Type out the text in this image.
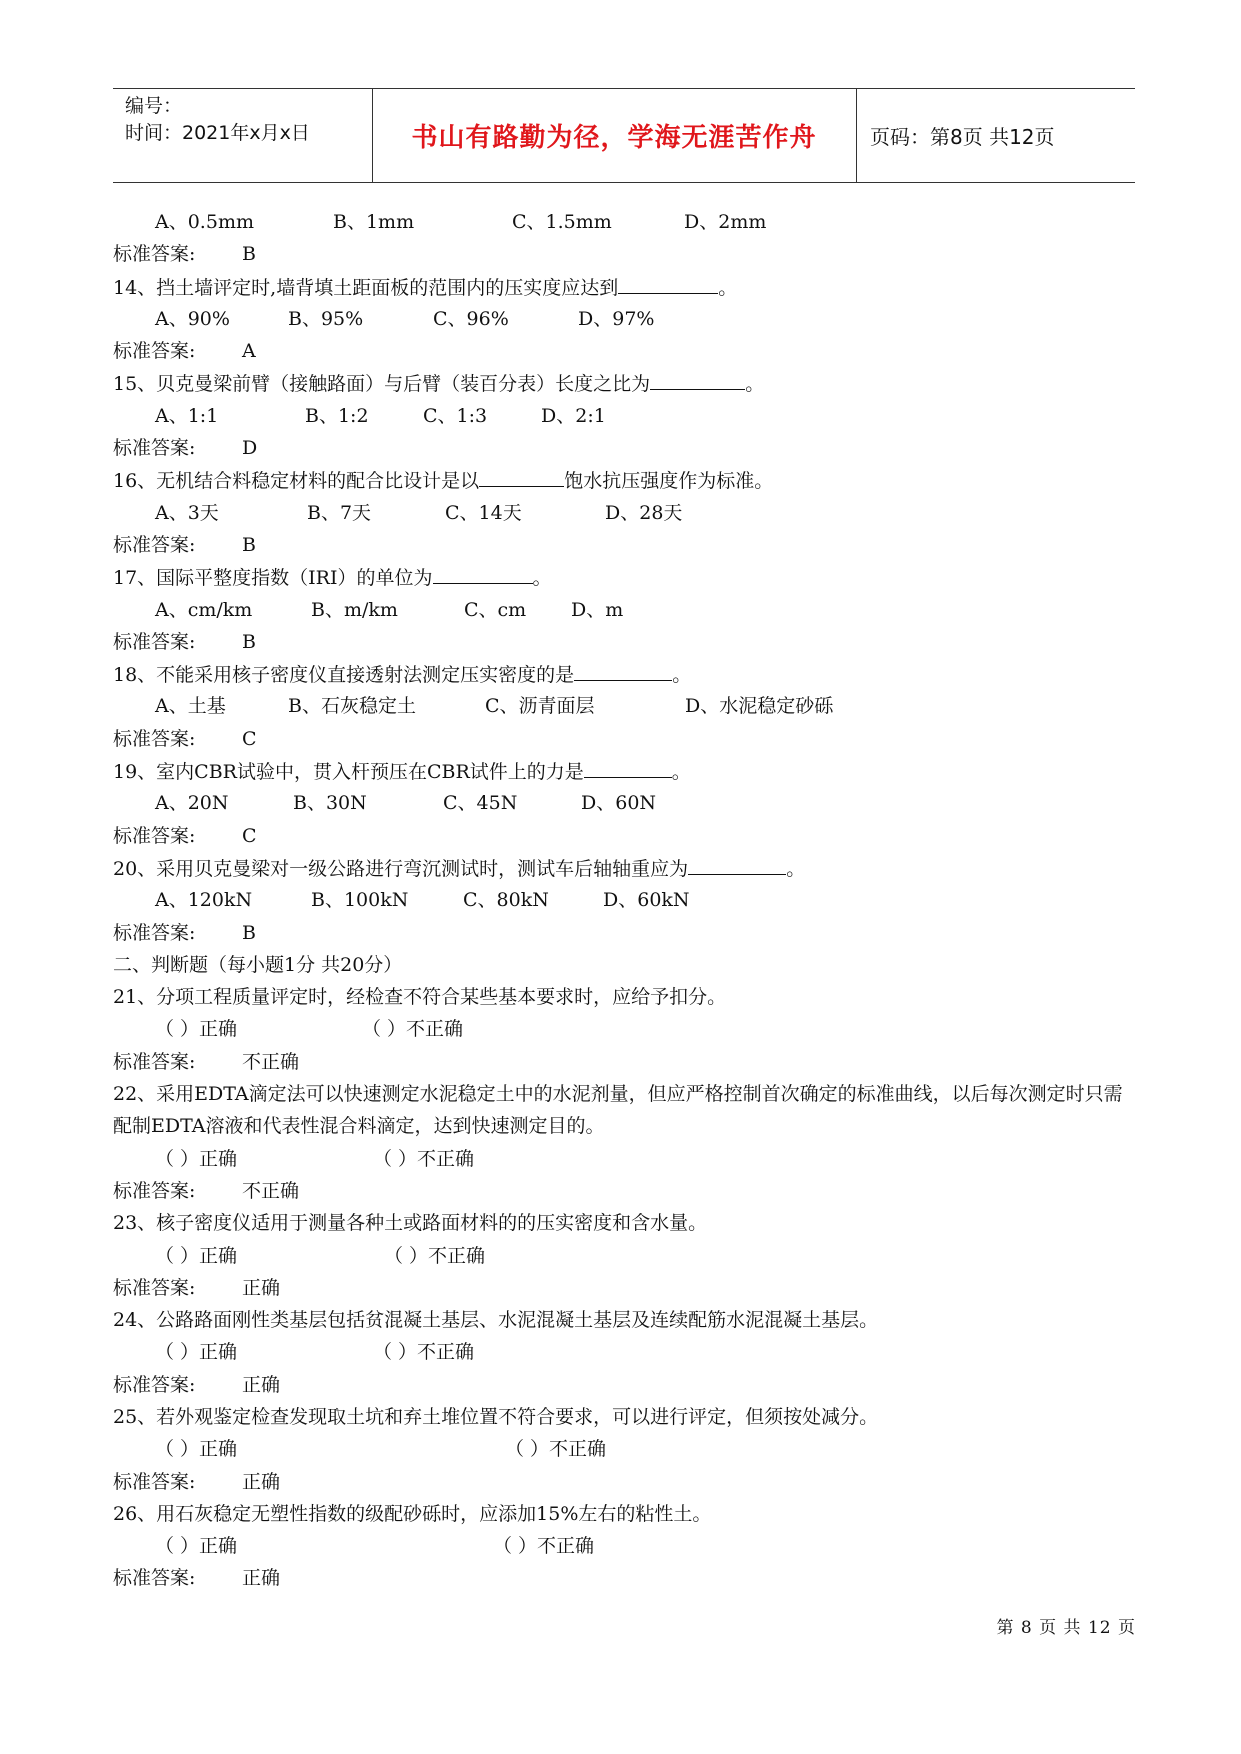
编号：
时间：2021年x月x日	书山有路勤为径，学海无涯苦作舟	页码：第8页 共12页
A、0.5mm	B、1mm	C、1.5mm	D、2mm
标准答案: B
14、挡土墙评定时,墙背填土距面板的范围内的压实度应达到	。
A、90%	B、95%	C、96%	D、97%
标准答案: A
15、贝克曼梁前臂（接触路面）与后臂（装百分表）长度之比为	。
A、1:1	B、1:2	C、1:3	D、2:1
标准答案: D
16、无机结合料稳定材料的配合比设计是以	饱水抗压强度作为标准。
A、3天	B、7天	C、14天	D、28天
标准答案: B
17、国际平整度指数（IRI）的单位为	。
A、cm/km	B、m/km	C、cm D、m
标准答案: B
18、不能采用核子密度仪直接透射法测定压实密度的是	。
A、土基	B、石灰稳定土	C、沥青面层	D、水泥稳定砂砾
标准答案: C
19、室内CBR试验中，贯入杆预压在CBR试件上的力是	。
A、20N	B、30N	C、45N	D、60N
标准答案: C
20、采用贝克曼梁对一级公路进行弯沉测试时，测试车后轴轴重应为	。
A、120kN	B、100kN	C、80kN	D、60kN
标准答案: B
二、判断题（每小题1分 共20分）
21、分项工程质量评定时，经检查不符合某些基本要求时，应给予扣分。
（ ）正确	（ ）不正确
标准答案: 不正确
22、采用EDTA滴定法可以快速测定水泥稳定土中的水泥剂量，但应严格控制首次确定的标准曲线，以后每次测定时只需配制EDTA溶液和代表性混合料滴定，达到快速测定目的。
（ ）正确	（ ）不正确
标准答案: 不正确
23、核子密度仪适用于测量各种土或路面材料的的压实密度和含水量。
（ ）正确	（ ）不正确
标准答案: 正确
24、公路路面刚性类基层包括贫混凝土基层、水泥混凝土基层及连续配筋水泥混凝土基层。
（ ）正确	（ ）不正确
标准答案: 正确
25、若外观鉴定检查发现取土坑和弃土堆位置不符合要求，可以进行评定，但须按处减分。
（ ）正确	（ ）不正确
标准答案: 正确
26、用石灰稳定无塑性指数的级配砂砾时，应添加15%左右的粘性土。
（ ）正确	（ ）不正确
标准答案: 正确
第 8 页 共 12 页
